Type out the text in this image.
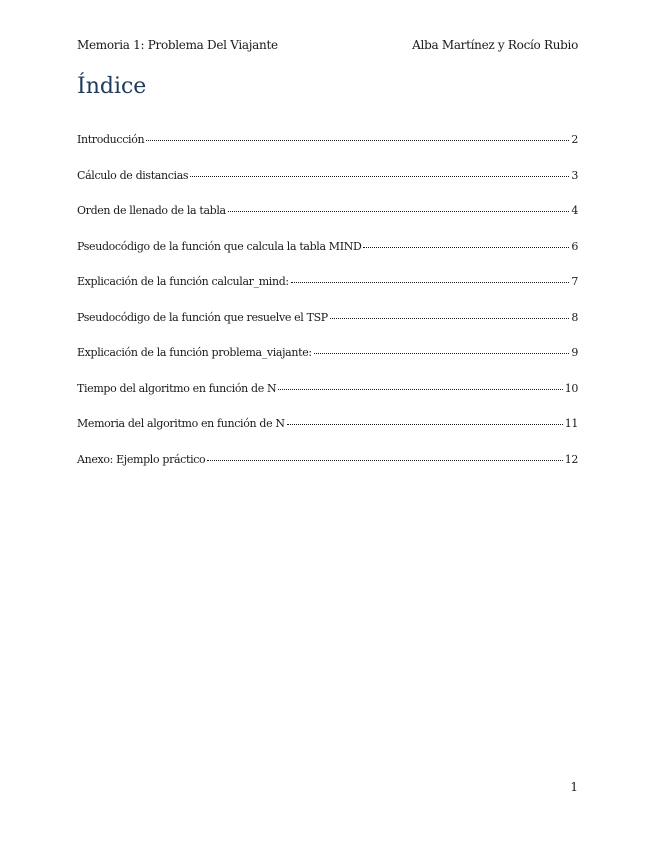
Memoria 1: Problema Del Viajante	Alba Martínez y Rocío Rubio
Índice
Introducción	2
Cálculo de distancias	3
Orden de llenado de la tabla	4
Pseudocódigo de la función que calcula la tabla MIND	6
Explicación de la función calcular_mind:	7
Pseudocódigo de la función que resuelve el TSP	8
Explicación de la función problema_viajante:	9
Tiempo del algoritmo en función de N	10
Memoria del algoritmo en función de N	11
Anexo: Ejemplo práctico	12
1
